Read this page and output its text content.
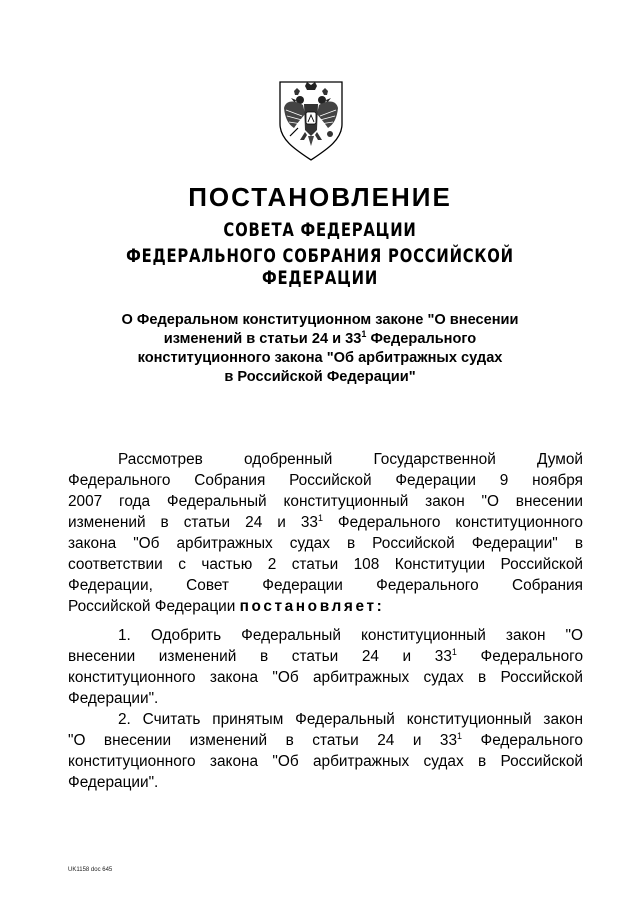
ПОСТАНОВЛЕНИЕ
СОВЕТА ФЕДЕРАЦИИ
ФЕДЕРАЛЬНОГО СОБРАНИЯ РОССИЙСКОЙ ФЕДЕРАЦИИ
О Федеральном конституционном законе "О внесении
изменений в статьи 24 и $33^1$ Федерального
конституционного закона "Об арбитражных судах
в Российской Федерации"
Рассмотрев	одобренный	Государственной	Думой
Федерального Собрания Российской Федерации 9 ноября
2007 года Федеральный конституционный закон "О внесении
изменений в статьи 24 и $33^1$ Федерального конституционного
закона "Об арбитражных судах в Российской Федерации" в
соответствии с частью 2 статьи 108 Конституции Российской
Федерации, Совет Федерации Федерального Собрания
Российской Федерации постановляет:
1. Одобрить Федеральный конституционный закон "О
внесении изменений в статьи 24 и $33^1$ Федерального
конституционного закона "Об арбитражных судах в Российской
Федерации".
2. Считать принятым Федеральный конституционный закон
"О внесении изменений в статьи 24 и $33^1$ Федерального
конституционного закона "Об арбитражных судах в Российской
Федерации".
UK1158 doc 645
